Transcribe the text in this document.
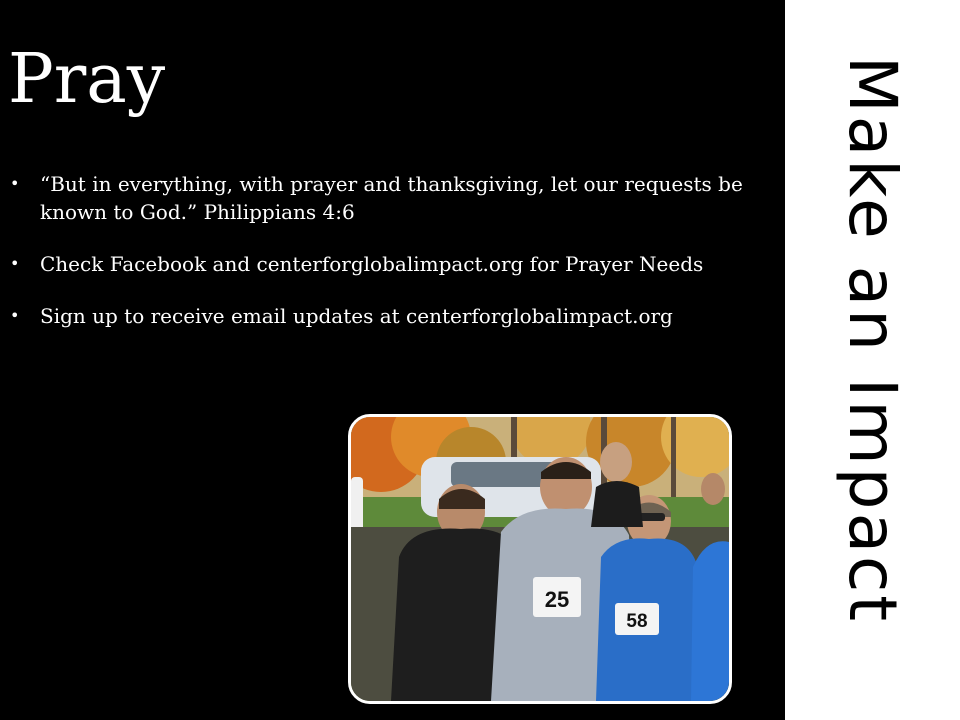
Pray
• “But in everything, with prayer and thanksgiving, let our requests be known to God.” Philippians 4:6
• Check Facebook and centerforglobalimpact.org for Prayer Needs
• Sign up to receive email updates at centerforglobalimpact.org
25
58	Make an Impact
